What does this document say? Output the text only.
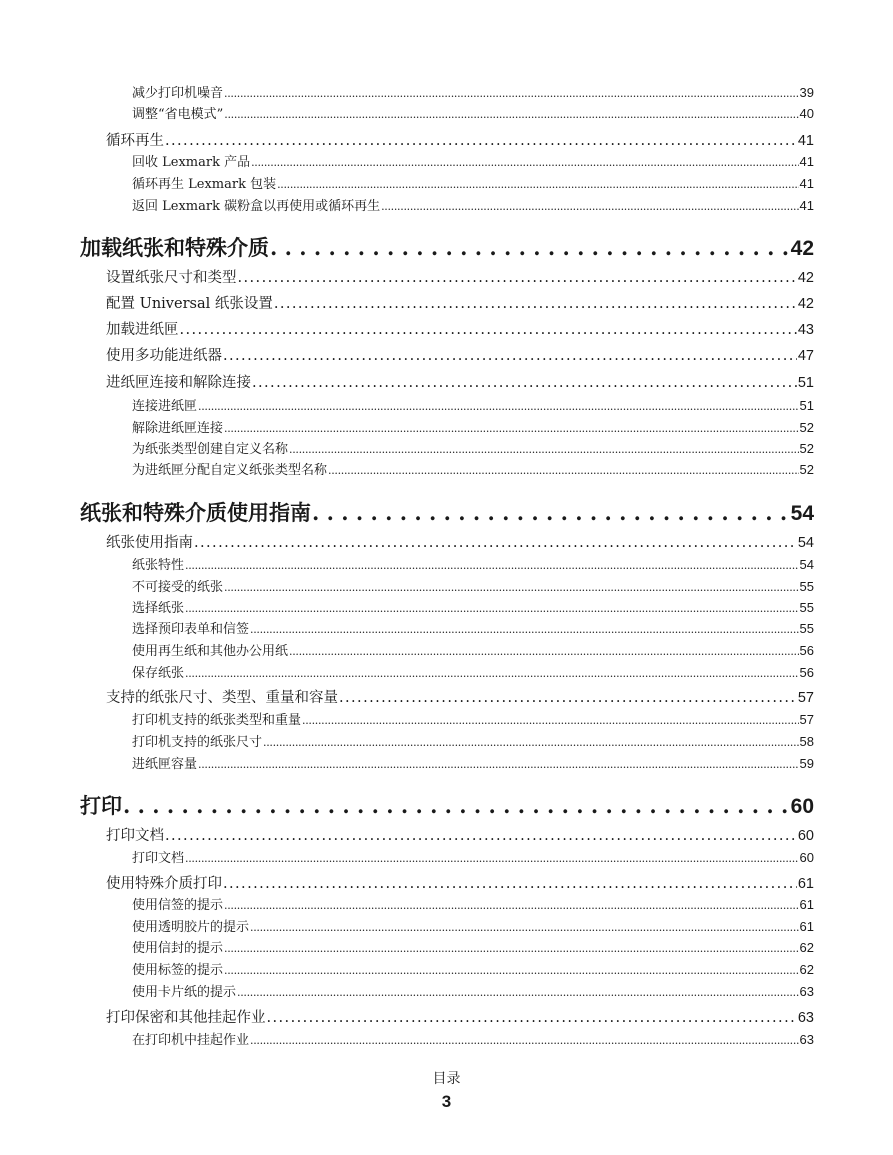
减少打印机噪音 . . .	39
调整“省电模式” . . .	40
循环再生 . . .	41
回收 Lexmark 产品 . . .	41
循环再生 Lexmark 包装 . . .	41
返回 Lexmark 碳粉盒以再使用或循环再生 . . .	41
加载纸张和特殊介质 . . .	42
设置纸张尺寸和类型 . . .	42
配置 Universal 纸张设置 . . .	42
加载进纸匣 . . .	43
使用多功能进纸器 . . .	47
进纸匣连接和解除连接 . . .	51
连接进纸匣 . . .	51
解除进纸匣连接 . . .	52
为纸张类型创建自定义名称 . . .	52
为进纸匣分配自定义纸张类型名称 . . .	52
纸张和特殊介质使用指南 . . .	54
纸张使用指南 . . .	54
纸张特性 . . .	54
不可接受的纸张 . . .	55
选择纸张 . . .	55
选择预印表单和信签 . . .	55
使用再生纸和其他办公用纸 . . .	56
保存纸张 . . .	56
支持的纸张尺寸、类型、重量和容量 . . .	57
打印机支持的纸张类型和重量 . . .	57
打印机支持的纸张尺寸 . . .	58
进纸匣容量 . . .	59
打印 . . .	60
打印文档 . . .	60
打印文档 . . .	60
使用特殊介质打印 . . .	61
使用信签的提示 . . .	61
使用透明胶片的提示 . . .	61
使用信封的提示 . . .	62
使用标签的提示 . . .	62
使用卡片纸的提示 . . .	63
打印保密和其他挂起作业 . . .	63
在打印机中挂起作业 . . .	63
目录
3
